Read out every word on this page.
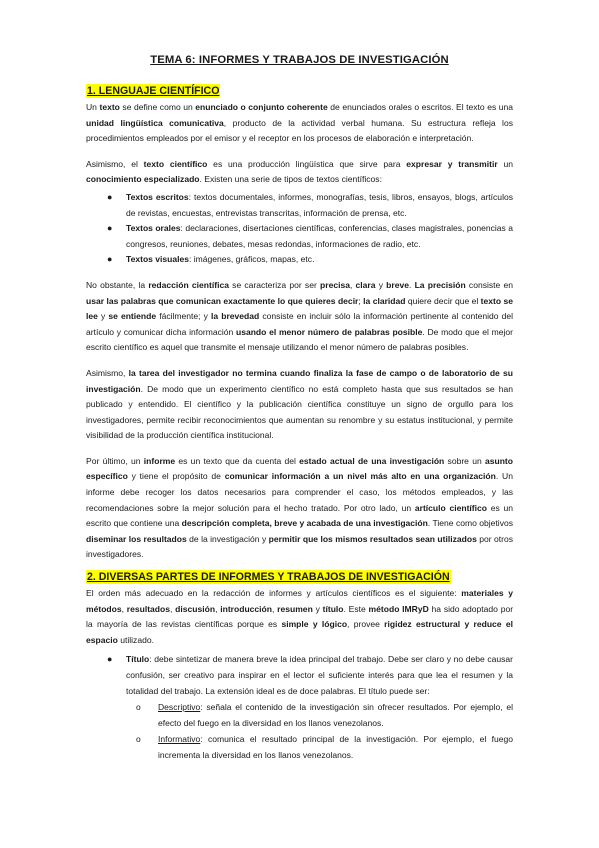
TEMA 6: INFORMES Y TRABAJOS DE INVESTIGACIÓN
1. LENGUAJE CIENTÍFICO

Un texto se define como un enunciado o conjunto coherente de enunciados orales o escritos. El texto es una unidad lingüística comunicativa, producto de la actividad verbal humana. Su estructura refleja los procedimientos empleados por el emisor y el receptor en los procesos de elaboración e interpretación.

Asimismo, el texto científico es una producción lingüística que sirve para expresar y transmitir un conocimiento especializado. Existen una serie de tipos de textos científicos:

● Textos escritos: textos documentales, informes, monografías, tesis, libros, ensayos, blogs, artículos de revistas, encuestas, entrevistas transcritas, información de prensa, etc.
● Textos orales: declaraciones, disertaciones científicas, conferencias, clases magistrales, ponencias a congresos, reuniones, debates, mesas redondas, informaciones de radio, etc.
● Textos visuales: imágenes, gráficos, mapas, etc.

No obstante, la redacción científica se caracteriza por ser precisa, clara y breve. La precisión consiste en usar las palabras que comunican exactamente lo que quieres decir; la claridad quiere decir que el texto se lee y se entiende fácilmente; y la brevedad consiste en incluir sólo la información pertinente al contenido del artículo y comunicar dicha información usando el menor número de palabras posible. De modo que el mejor escrito científico es aquel que transmite el mensaje utilizando el menor número de palabras posibles.

Asimismo, la tarea del investigador no termina cuando finaliza la fase de campo o de laboratorio de su investigación. De modo que un experimento científico no está completo hasta que sus resultados se han publicado y entendido. El científico y la publicación científica constituye un signo de orgullo para los investigadores, permite recibir reconocimientos que aumentan su renombre y su estatus institucional, y permite visibilidad de la producción científica institucional.

Por último, un informe es un texto que da cuenta del estado actual de una investigación sobre un asunto específico y tiene el propósito de comunicar información a un nivel más alto en una organización. Un informe debe recoger los datos necesarios para comprender el caso, los métodos empleados, y las recomendaciones sobre la mejor solución para el hecho tratado. Por otro lado, un artículo científico es un escrito que contiene una descripción completa, breve y acabada de una investigación. Tiene como objetivos diseminar los resultados de la investigación y permitir que los mismos resultados sean utilizados por otros investigadores.

2. DIVERSAS PARTES DE INFORMES Y TRABAJOS DE INVESTIGACIÓN

El orden más adecuado en la redacción de informes y artículos científicos es el siguiente: materiales y métodos, resultados, discusión, introducción, resumen y título. Este método IMRyD ha sido adoptado por la mayoría de las revistas científicas porque es simple y lógico, provee rigidez estructural y reduce el espacio utilizado.

● Título: debe sintetizar de manera breve la idea principal del trabajo. Debe ser claro y no debe causar confusión, ser creativo para inspirar en el lector el suficiente interés para que lea el resumen y la totalidad del trabajo. La extensión ideal es de doce palabras. El título puede ser:
o Descriptivo: señala el contenido de la investigación sin ofrecer resultados. Por ejemplo, el efecto del fuego en la diversidad en los llanos venezolanos.
o Informativo: comunica el resultado principal de la investigación. Por ejemplo, el fuego incrementa la diversidad en los llanos venezolanos.
